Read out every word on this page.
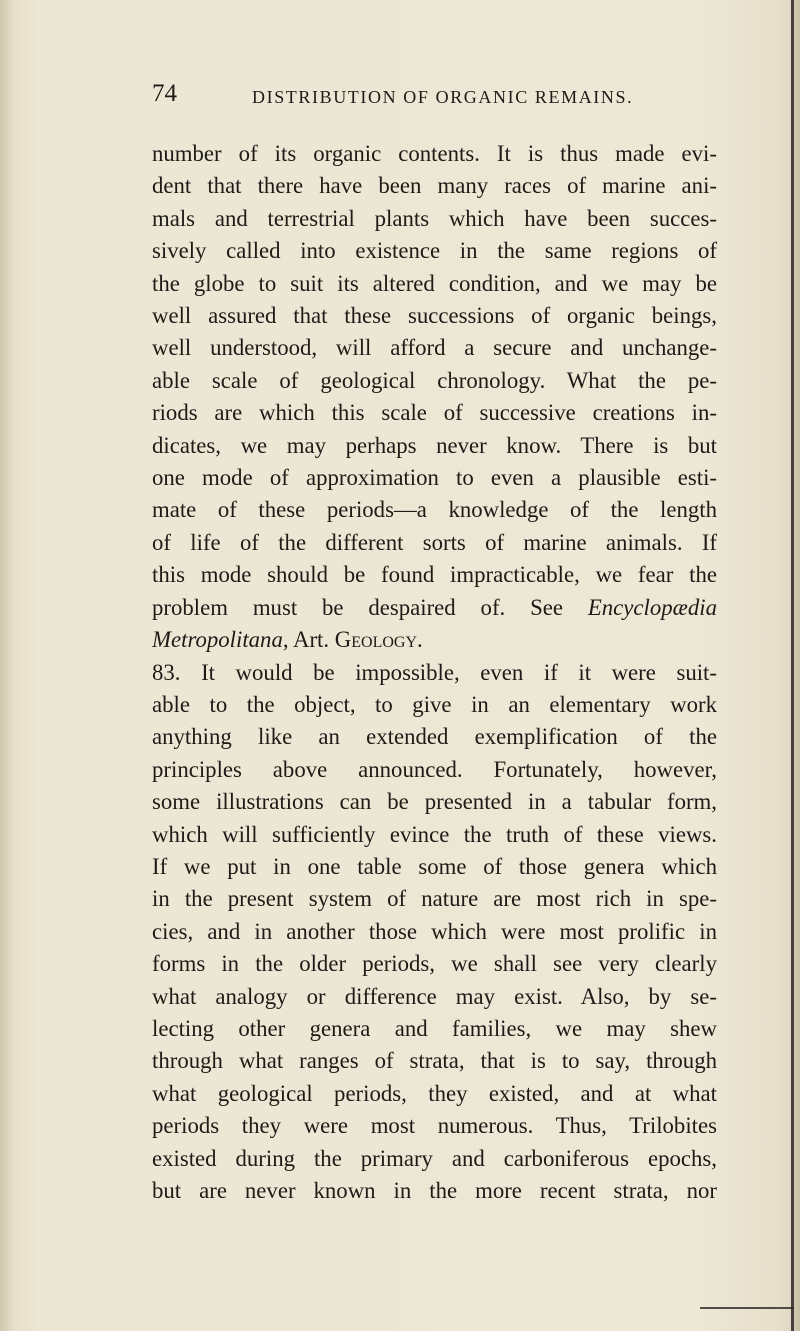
74	DISTRIBUTION OF ORGANIC REMAINS.
number of its organic contents. It is thus made evi-
dent that there have been many races of marine ani-
mals and terrestrial plants which have been succes-
sively called into existence in the same regions of
the globe to suit its altered condition, and we may be
well assured that these successions of organic beings,
well understood, will afford a secure and unchange-
able scale of geological chronology. What the pe-
riods are which this scale of successive creations in-
dicates, we may perhaps never know. There is but
one mode of approximation to even a plausible esti-
mate of these periods—a knowledge of the length
of life of the different sorts of marine animals. If
this mode should be found impracticable, we fear the
problem must be despaired of. See Encyclopædia
Metropolitana, Art. Geology.
83. It would be impossible, even if it were suit-
able to the object, to give in an elementary work
anything like an extended exemplification of the
principles above announced. Fortunately, however,
some illustrations can be presented in a tabular form,
which will sufficiently evince the truth of these views.
If we put in one table some of those genera which
in the present system of nature are most rich in spe-
cies, and in another those which were most prolific in
forms in the older periods, we shall see very clearly
what analogy or difference may exist. Also, by se-
lecting other genera and families, we may shew
through what ranges of strata, that is to say, through
what geological periods, they existed, and at what
periods they were most numerous. Thus, Trilobites
existed during the primary and carboniferous epochs,
but are never known in the more recent strata, nor
